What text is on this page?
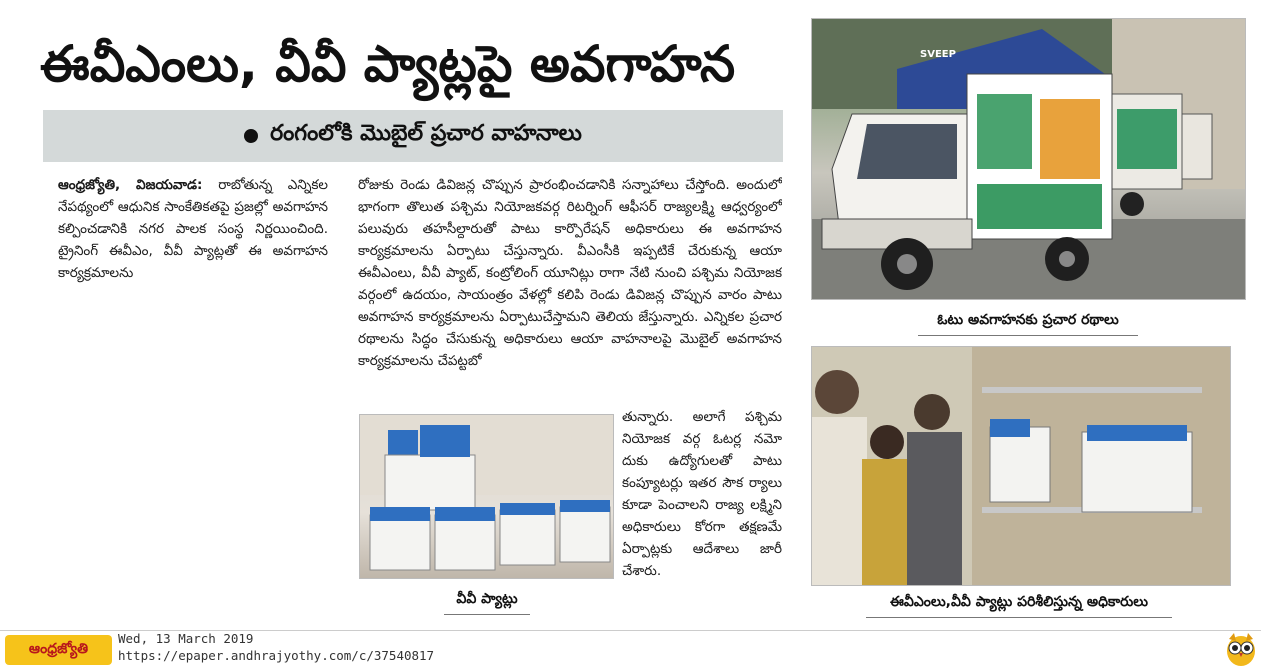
ఈవీఎంలు, వీవీ ప్యాట్లపై అవగాహన
రంగంలోకి మొబైల్ ప్రచార వాహనాలు
ఆంధ్రజ్యోతి, విజయవాడ: రాబోతున్న ఎన్నికల నేపథ్యంలో ఆధునిక సాంకేతికతపై ప్రజల్లో అవగాహన కల్పించడానికి నగర పాలక సంస్థ నిర్ణయించింది. ట్రైనింగ్ ఈవీఎం, వీవీ ప్యాట్లతో ఈ అవగాహన కార్యక్రమాలను
రోజుకు రెండు డివిజన్ల చొప్పున ప్రారంభించడానికి సన్నాహాలు చేస్తోంది. అందులో భాగంగా తొలుత పశ్చిమ నియోజకవర్గ రిటర్నింగ్ ఆఫీసర్ రాజ్యలక్ష్మి ఆధ్వర్యంలో పలువురు తహసీల్దారుతో పాటు కార్పొరేషన్ అధికారులు ఈ అవగాహన కార్యక్రమాలను ఏర్పాటు చేస్తున్నారు. వీఎంసీకి ఇప్పటికే చేరుకున్న ఆయా ఈవీఎంలు, వీవీ ప్యాట్, కంట్రోలింగ్ యూనిట్లు రాగా నేటి నుంచి పశ్చిమ నియోజక వర్గంలో ఉదయం, సాయంత్రం వేళల్లో కలిపి రెండు డివిజన్ల చొప్పున వారం పాటు అవగాహన కార్యక్రమాలను ఏర్పాటుచేస్తామని తెలియ జేస్తున్నారు. ఎన్నికల ప్రచార రథాలను సిద్ధం చేసుకున్న అధికారులు ఆయా వాహనాలపై మొబైల్ అవగాహన కార్యక్రమాలను చేపట్టబో
తున్నారు. అలాగే పశ్చిమ నియోజక వర్గ ఓటర్ల నమో దుకు ఉద్యోగులతో పాటు కంప్యూటర్లు ఇతర సౌక ర్యాలు కూడా పెంచాలని రాజ్య లక్ష్మిని అధికారులు కోరగా తక్షణమే ఏర్పాట్లకు ఆదేశాలు జారీ చేశారు.
SVEEP
ఓటు అవగాహనకు ప్రచార రథాలు
వీవీ ప్యాట్లు	ఈవీఎంలు,వీవీ ప్యాట్లు పరిశీలిస్తున్న అధికారులు
ఆంధ్రజ్యోతి
Wed, 13 March 2019
https://epaper.andhrajyothy.com/c/37540817
